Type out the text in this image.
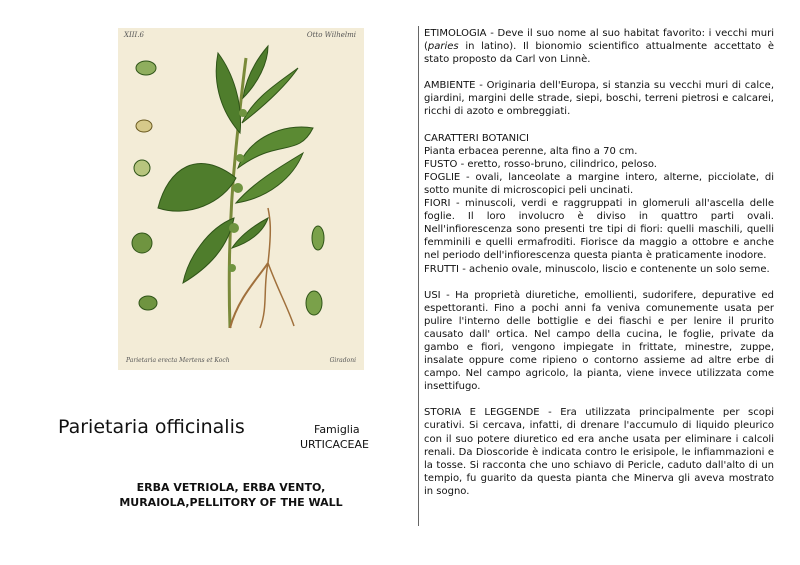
XIII.6	Otto Wilhelmi
Parietaria erecta Mertens et Koch	Giradoni
Parietaria officinalis	Famiglia
URTICACEAE
ERBA VETRIOLA, ERBA VENTO,
MURAIOLA,PELLITORY OF THE WALL

ETIMOLOGIA - Deve il suo nome al suo habitat favorito: i vecchi muri (paries in latino). Il bionomio scientifico attualmente accettato è stato proposto da Carl von Linnè.

AMBIENTE - Originaria dell'Europa, si stanzia su vecchi muri di calce, giardini, margini delle strade, siepi, boschi, terreni pietrosi e calcarei, ricchi di azoto e ombreggiati.

CARATTERI BOTANICI
Pianta erbacea perenne, alta fino a 70 cm.
FUSTO - eretto, rosso-bruno, cilindrico, peloso.
FOGLIE - ovali, lanceolate a margine intero, alterne, picciolate, di sotto munite di microscopici peli uncinati.
FIORI - minuscoli, verdi e raggruppati in glomeruli all'ascella delle foglie. Il loro involucro è diviso in quattro parti ovali. Nell'infiorescenza sono presenti tre tipi di fiori: quelli maschili, quelli femminili e quelli ermafroditi. Fiorisce da maggio a ottobre e anche nel periodo dell'infiorescenza questa pianta è praticamente inodore.
FRUTTI - achenio ovale, minuscolo, liscio e contenente un solo seme.

USI - Ha proprietà diuretiche, emollienti, sudorifere, depurative ed espettoranti. Fino a pochi anni fa veniva comunemente usata per pulire l'interno delle bottiglie e dei fiaschi e per lenire il prurito causato dall' ortica. Nel campo della cucina, le foglie, private da gambo e fiori, vengono impiegate in frittate, minestre, zuppe, insalate oppure come ripieno o contorno assieme ad altre erbe di campo. Nel campo agricolo, la pianta, viene invece utilizzata come insettifugo.

STORIA E LEGGENDE - Era utilizzata principalmente per scopi curativi. Si cercava, infatti, di drenare l'accumulo di liquido pleurico con il suo potere diuretico ed era anche usata per eliminare i calcoli renali. Da Dioscoride è indicata contro le erisipole, le infiammazioni e la tosse. Si racconta che uno schiavo di Pericle, caduto dall'alto di un tempio, fu guarito da questa pianta che Minerva gli aveva mostrato in sogno.
